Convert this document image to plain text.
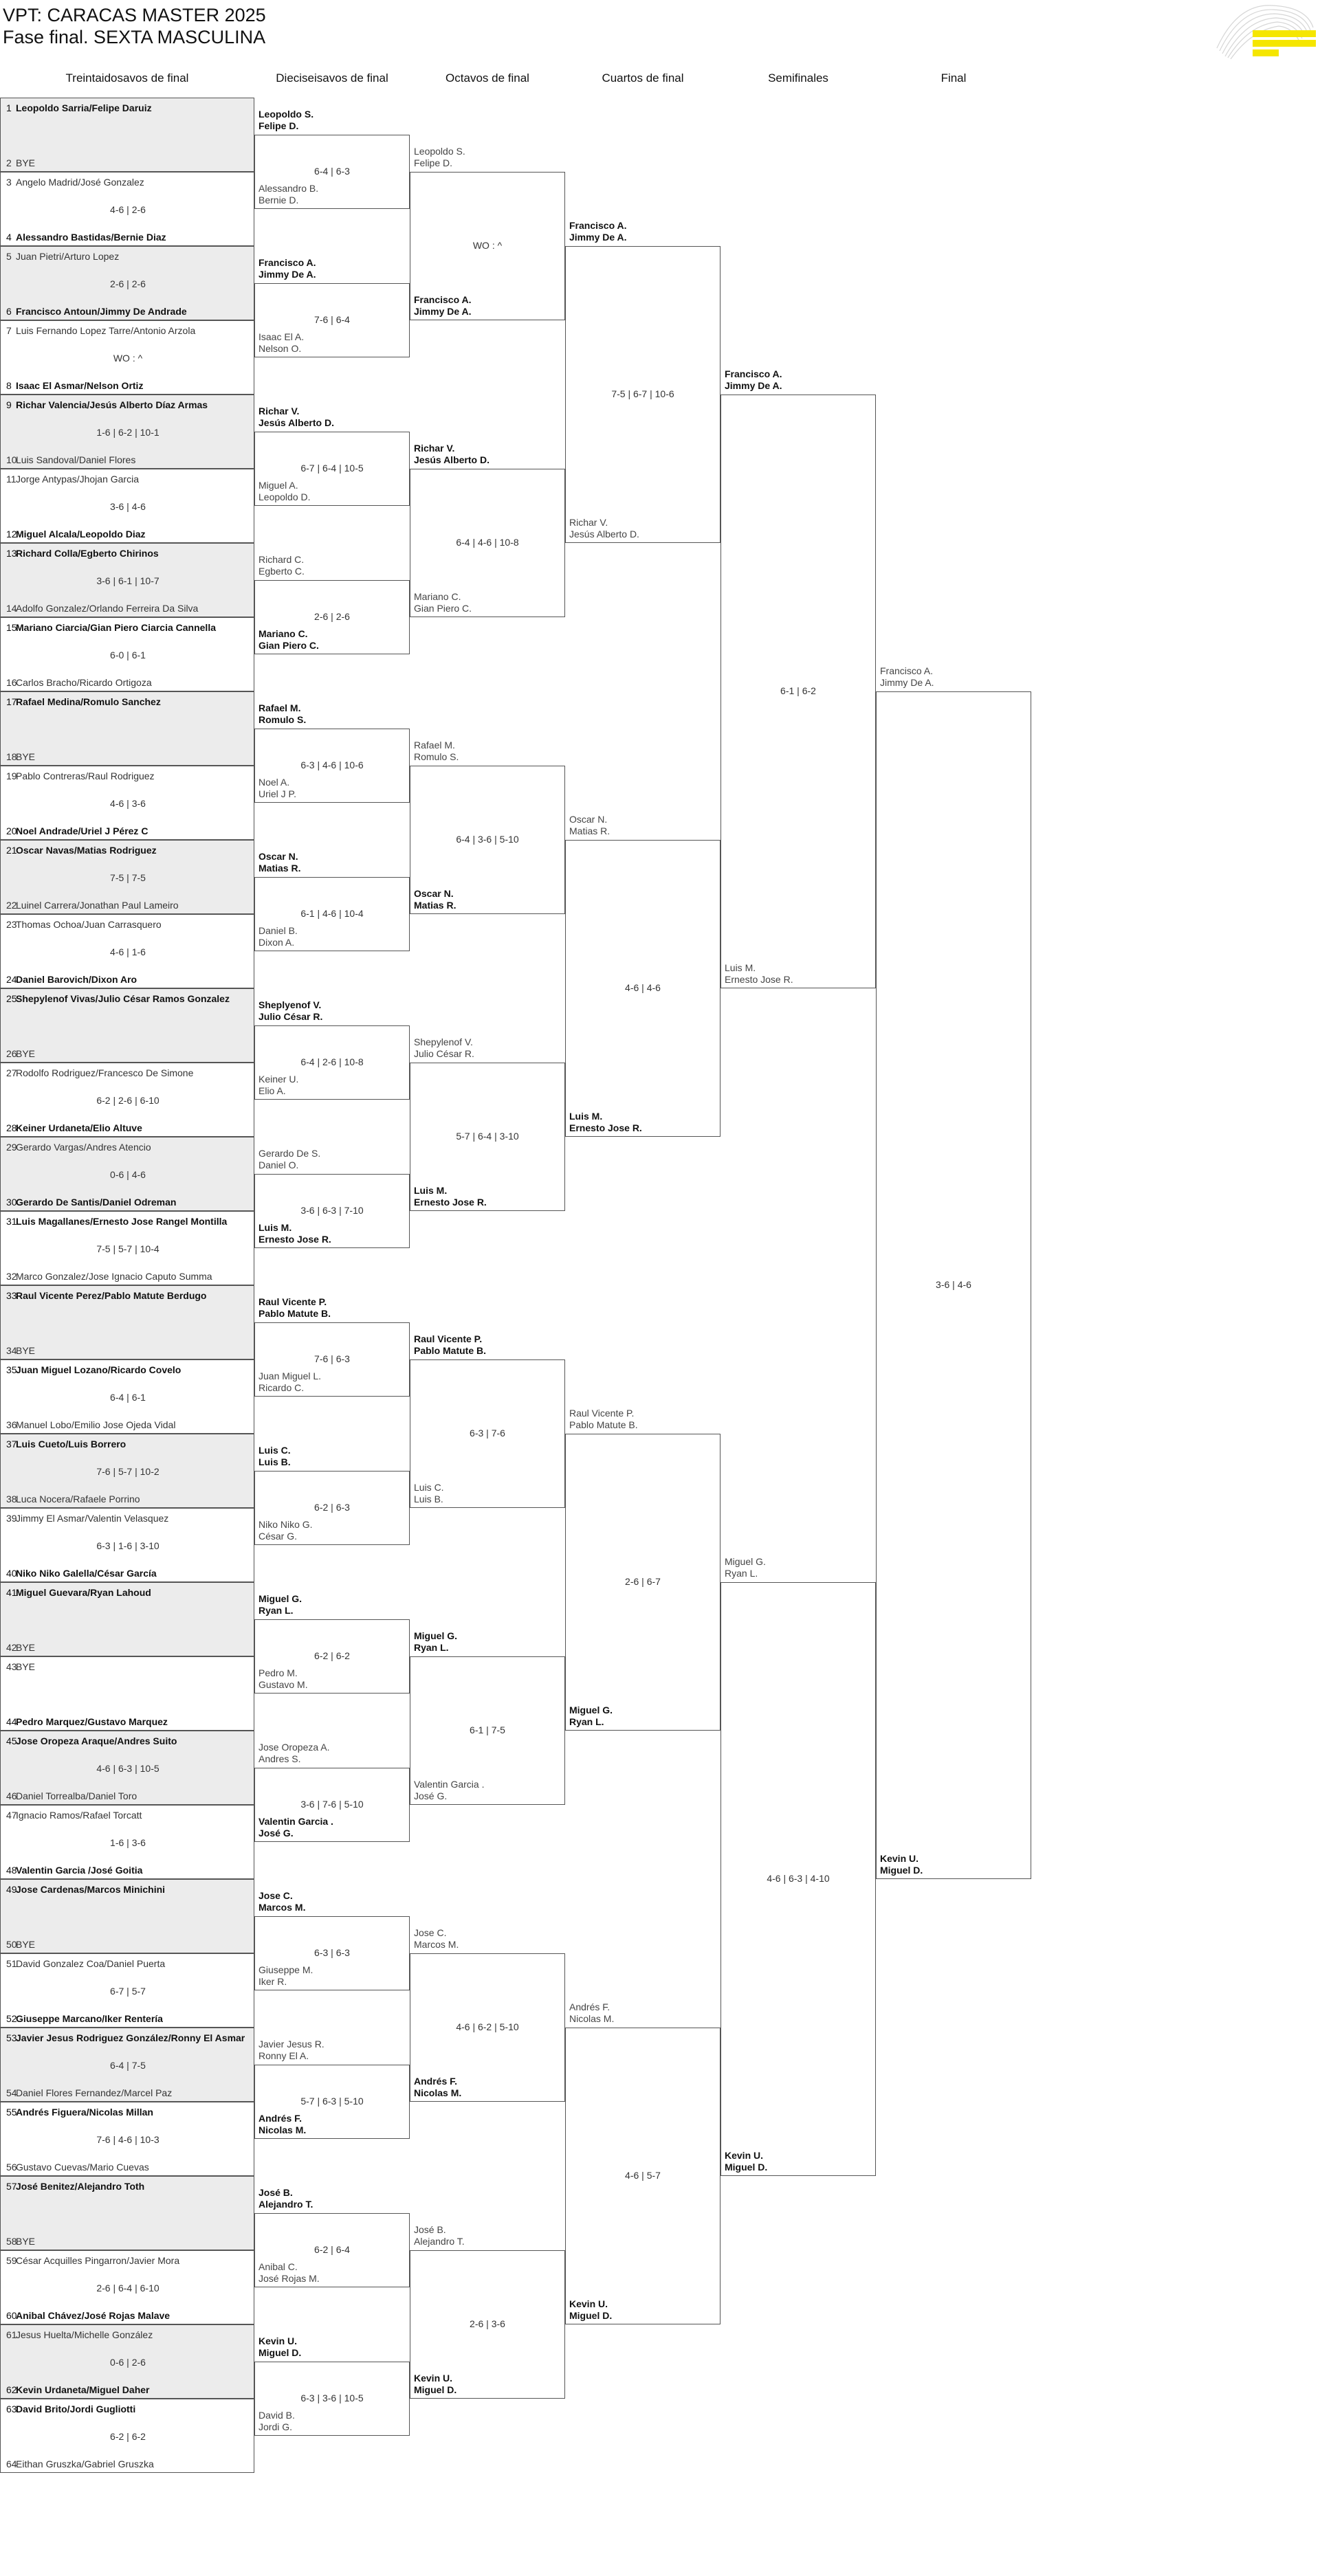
VPT: CARACAS MASTER 2025
Fase final. SEXTA MASCULINA
Treintaidosavos de final	Dieciseisavos de final	Octavos de final	Cuartos de final	Semifinales	Final
1 Leopoldo Sarria/Felipe Daruiz
2 BYE
3 Angelo Madrid/José Gonzalez
4 Alessandro Bastidas/Bernie Diaz
4-6 | 2-6
5 Juan Pietri/Arturo Lopez
6 Francisco Antoun/Jimmy De Andrade
2-6 | 2-6
7 Luis Fernando Lopez Tarre/Antonio Arzola
8 Isaac El Asmar/Nelson Ortiz
WO : ^
9 Richar Valencia/Jesús Alberto Díaz Armas
10Luis Sandoval/Daniel Flores
1-6 | 6-2 | 10-1
11Jorge Antypas/Jhojan Garcia
12Miguel Alcala/Leopoldo Diaz
3-6 | 4-6
13Richard Colla/Egberto Chirinos
14Adolfo Gonzalez/Orlando Ferreira Da Silva
3-6 | 6-1 | 10-7
15Mariano Ciarcia/Gian Piero Ciarcia Cannella
16Carlos Bracho/Ricardo Ortigoza
6-0 | 6-1
17Rafael Medina/Romulo Sanchez
18BYE
19Pablo Contreras/Raul Rodriguez
20Noel Andrade/Uriel J Pérez C
4-6 | 3-6
21Oscar Navas/Matias Rodriguez
22Luinel Carrera/Jonathan Paul Lameiro
7-5 | 7-5
23Thomas Ochoa/Juan Carrasquero
24Daniel Barovich/Dixon Aro
4-6 | 1-6
25Shepylenof Vivas/Julio César Ramos Gonzalez
26BYE
27Rodolfo Rodriguez/Francesco De Simone
28Keiner Urdaneta/Elio Altuve
6-2 | 2-6 | 6-10
29Gerardo Vargas/Andres Atencio
30Gerardo De Santis/Daniel Odreman
0-6 | 4-6
31Luis Magallanes/Ernesto Jose Rangel Montilla
32Marco Gonzalez/Jose Ignacio Caputo Summa
7-5 | 5-7 | 10-4
33Raul Vicente Perez/Pablo Matute Berdugo
34BYE
35Juan Miguel Lozano/Ricardo Covelo
36Manuel Lobo/Emilio Jose Ojeda Vidal
6-4 | 6-1
37Luis Cueto/Luis Borrero
38Luca Nocera/Rafaele Porrino
7-6 | 5-7 | 10-2
39Jimmy El Asmar/Valentin Velasquez
40Niko Niko Galella/César García
6-3 | 1-6 | 3-10
41Miguel Guevara/Ryan Lahoud
42BYE
43BYE
44Pedro Marquez/Gustavo Marquez
45Jose Oropeza Araque/Andres Suito
46Daniel Torrealba/Daniel Toro
4-6 | 6-3 | 10-5
47Ignacio Ramos/Rafael Torcatt
48Valentin Garcia /José Goitia
1-6 | 3-6
49Jose Cardenas/Marcos Minichini
50BYE
51David Gonzalez Coa/Daniel Puerta
52Giuseppe Marcano/Iker Rentería
6-7 | 5-7
53Javier Jesus Rodriguez González/Ronny El Asmar
54Daniel Flores Fernandez/Marcel Paz
6-4 | 7-5
55Andrés Figuera/Nicolas Millan
56Gustavo Cuevas/Mario Cuevas
7-6 | 4-6 | 10-3
57José Benitez/Alejandro Toth
58BYE
59César Acquilles Pingarron/Javier Mora
60Anibal Chávez/José Rojas Malave
2-6 | 6-4 | 6-10
61Jesus Huelta/Michelle González
62Kevin Urdaneta/Miguel Daher
0-6 | 2-6
63David Brito/Jordi Gugliotti
64Eithan Gruszka/Gabriel Gruszka
6-2 | 6-2
Leopoldo S.
Felipe D.
Alessandro B.
Bernie D.
6-4 | 6-3
Francisco A.
Jimmy De A.
Isaac El A.
Nelson O.
7-6 | 6-4
Richar V.
Jesús Alberto D.
Miguel A.
Leopoldo D.
6-7 | 6-4 | 10-5
Richard C.
Egberto C.
Mariano C.
Gian Piero C.
2-6 | 2-6
Rafael M.
Romulo S.
Noel A.
Uriel J P.
6-3 | 4-6 | 10-6
Oscar N.
Matias R.
Daniel B.
Dixon A.
6-1 | 4-6 | 10-4
Sheplyenof V.
Julio César R.
Keiner U.
Elio A.
6-4 | 2-6 | 10-8
Gerardo De S.
Daniel O.
Luis M.
Ernesto Jose R.
3-6 | 6-3 | 7-10
Raul Vicente P.
Pablo Matute B.
Juan Miguel L.
Ricardo C.
7-6 | 6-3
Luis C.
Luis B.
Niko Niko G.
César G.
6-2 | 6-3
Miguel G.
Ryan L.
Pedro M.
Gustavo M.
6-2 | 6-2
Jose Oropeza A.
Andres S.
Valentin Garcia .
José G.
3-6 | 7-6 | 5-10
Jose C.
Marcos M.
Giuseppe M.
Iker R.
6-3 | 6-3
Javier Jesus R.
Ronny El A.
Andrés F.
Nicolas M.
5-7 | 6-3 | 5-10
José B.
Alejandro T.
Anibal C.
José Rojas M.
6-2 | 6-4
Kevin U.
Miguel D.
David B.
Jordi G.
6-3 | 3-6 | 10-5
Leopoldo S.
Felipe D.
Francisco A.
Jimmy De A.
WO : ^
Richar V.
Jesús Alberto D.
Mariano C.
Gian Piero C.
6-4 | 4-6 | 10-8
Rafael M.
Romulo S.
Oscar N.
Matias R.
6-4 | 3-6 | 5-10
Shepylenof V.
Julio César R.
Luis M.
Ernesto Jose R.
5-7 | 6-4 | 3-10
Raul Vicente P.
Pablo Matute B.
Luis C.
Luis B.
6-3 | 7-6
Miguel G.
Ryan L.
Valentin Garcia .
José G.
6-1 | 7-5
Jose C.
Marcos M.
Andrés F.
Nicolas M.
4-6 | 6-2 | 5-10
José B.
Alejandro T.
Kevin U.
Miguel D.
2-6 | 3-6
Francisco A.
Jimmy De A.
Richar V.
Jesús Alberto D.
7-5 | 6-7 | 10-6
Oscar N.
Matias R.
Luis M.
Ernesto Jose R.
4-6 | 4-6
Raul Vicente P.
Pablo Matute B.
Miguel G.
Ryan L.
2-6 | 6-7
Andrés F.
Nicolas M.
Kevin U.
Miguel D.
4-6 | 5-7
Francisco A.
Jimmy De A.
Luis M.
Ernesto Jose R.
6-1 | 6-2
Miguel G.
Ryan L.
Kevin U.
Miguel D.
4-6 | 6-3 | 4-10
Francisco A.
Jimmy De A.
Kevin U.
Miguel D.
3-6 | 4-6
